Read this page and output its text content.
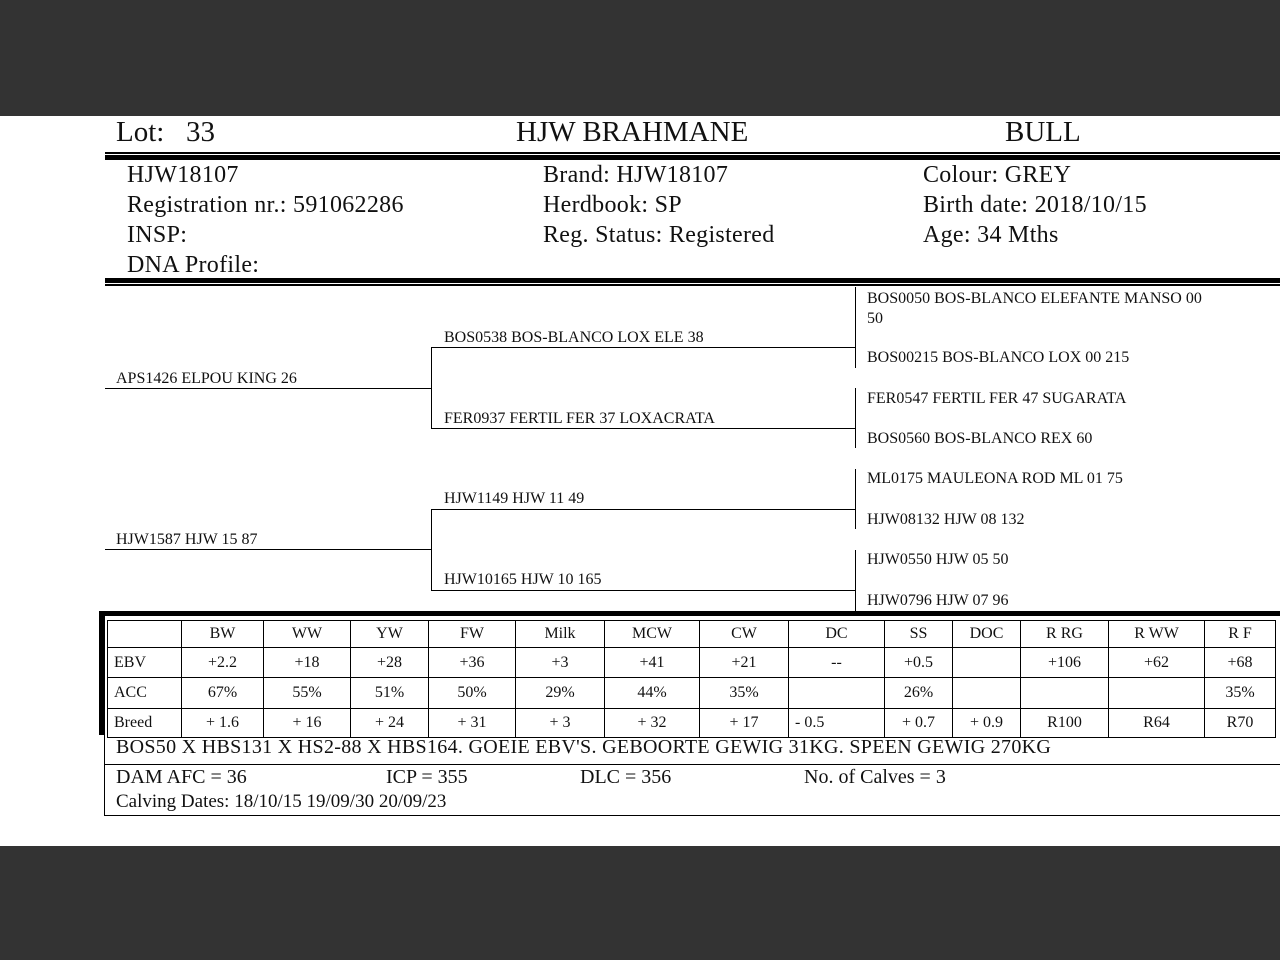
Lot: 33	HJW BRAHMANE	BULL
HJW18107
Registration nr.: 591062286
INSP:
DNA Profile:
Brand: HJW18107
Herdbook: SP
Reg. Status: Registered
Colour: GREY
Birth date: 2018/10/15
Age: 34 Mths
APS1426 ELPOU KING 26
HJW1587 HJW 15 87
BOS0538 BOS-BLANCO LOX ELE 38
FER0937 FERTIL FER 37 LOXACRATA
HJW1149 HJW 11 49
HJW10165 HJW 10 165
BOS0050 BOS-BLANCO ELEFANTE MANSO 00
50
BOS00215 BOS-BLANCO LOX 00 215
FER0547 FERTIL FER 47 SUGARATA
BOS0560 BOS-BLANCO REX 60
ML0175 MAULEONA ROD ML 01 75
HJW08132 HJW 08 132
HJW0550 HJW 05 50
HJW0796 HJW 07 96
	BW	WW	YW	FW	Milk	MCW	CW	DC	SS	DOC	R RG	R WW	R F
EBV	+2.2	+18	+28	+36	+3	+41	+21	--	+0.5		+106	+62	+68
ACC	67%	55%	51%	50%	29%	44%	35%		26%				35%
Breed	+ 1.6	+ 16	+ 24	+ 31	+ 3	+ 32	+ 17	- 0.5	+ 0.7	+ 0.9	R100	R64	R70
BOS50 X HBS131 X HS2-88 X HBS164. GOEIE EBV'S. GEBOORTE GEWIG 31KG. SPEEN GEWIG 270KG
DAM AFC = 36	ICP = 355	DLC = 356	No. of Calves = 3
Calving Dates: 18/10/15 19/09/30 20/09/23
